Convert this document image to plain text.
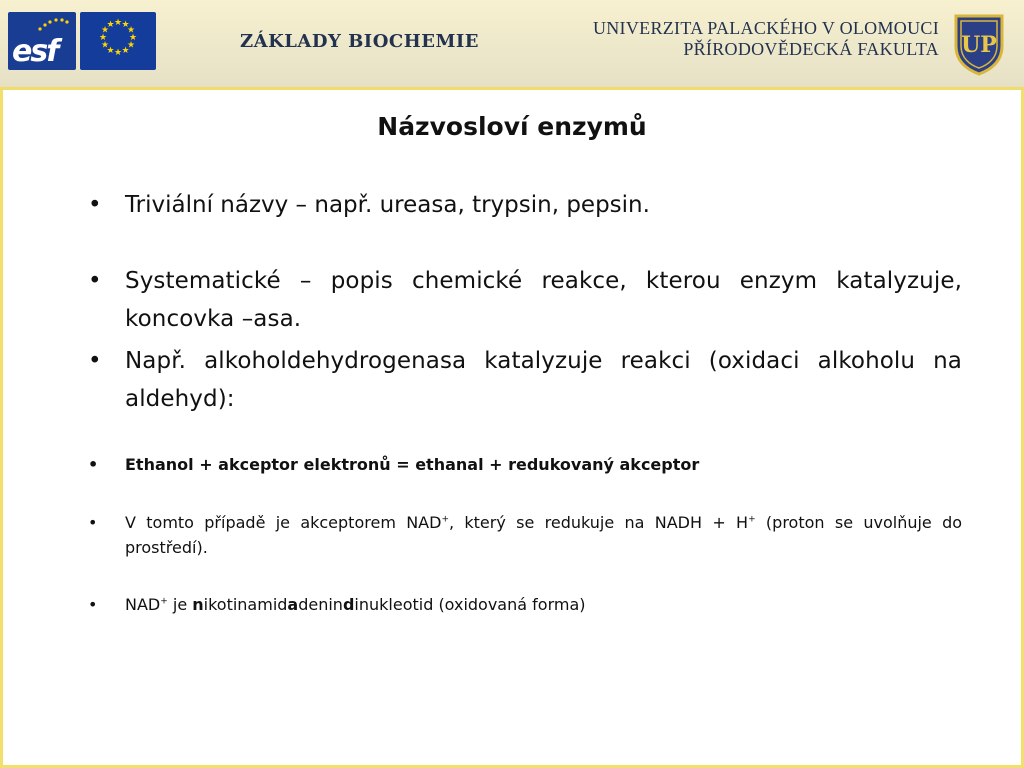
esf
★ ★
★
★
★
★
★
★
★
★
★
★
ZÁKLADY BIOCHEMIE
UNIVERZITA PALACKÉHO V OLOMOUCI
PŘÍRODOVĚDECKÁ FAKULTA UP
Názvosloví enzymů
• Triviální názvy – např. ureasa, trypsin, pepsin.
• Systematické – popis chemické reakce, kterou enzym katalyzuje, koncovka –asa.
• Např. alkoholdehydrogenasa katalyzuje reakci (oxidaci alkoholu na aldehyd):
• Ethanol + akceptor elektronů = ethanal + redukovaný akceptor
• V tomto případě je akceptorem NAD+, který se redukuje na NADH + H+ (proton se uvolňuje do prostředí).
• NAD+ je nikotinamidadenindinukleotid (oxidovaná forma)
